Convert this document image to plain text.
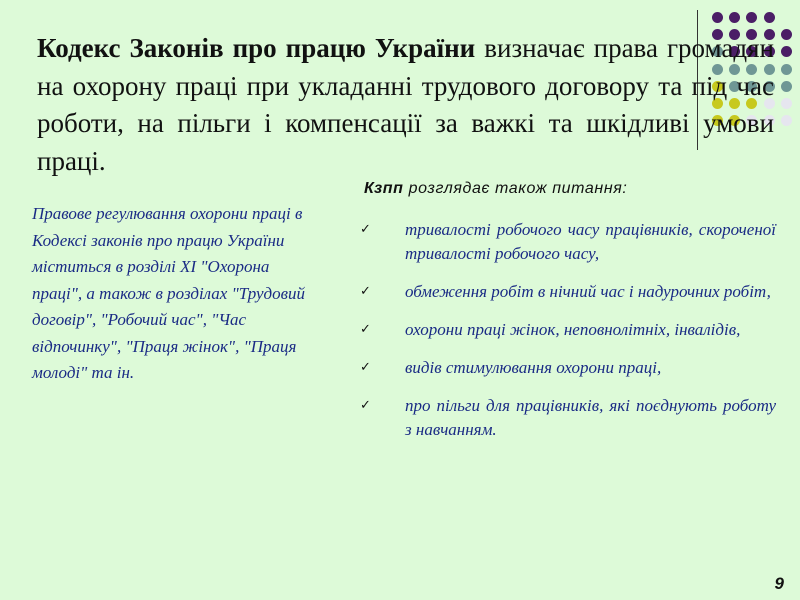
Кодекс Законів про працю України визначає права громадян на охорону праці при укладанні трудового договору та під час роботи, на пільги і компенсації за важкі та шкідливі умови праці.
Правове регулювання охорони праці в Кодексі законів про працю України міститься в розділі ХІ "Охорона праці", а також в розділах "Трудовий договір", "Робочий час", "Час відпочинку", "Праця жінок", "Праця молоді" та ін.
Кзпп розглядає також питання:
✓ тривалості робочого часу працівників, скороченої тривалості робочого часу,
✓ обмеження робіт в нічний час і надурочних робіт,
✓ охорони праці жінок, неповнолітніх, інвалідів,
✓ видів стимулювання охорони праці,
✓ про пільги для працівників, які поєднують роботу з навчанням.
9
